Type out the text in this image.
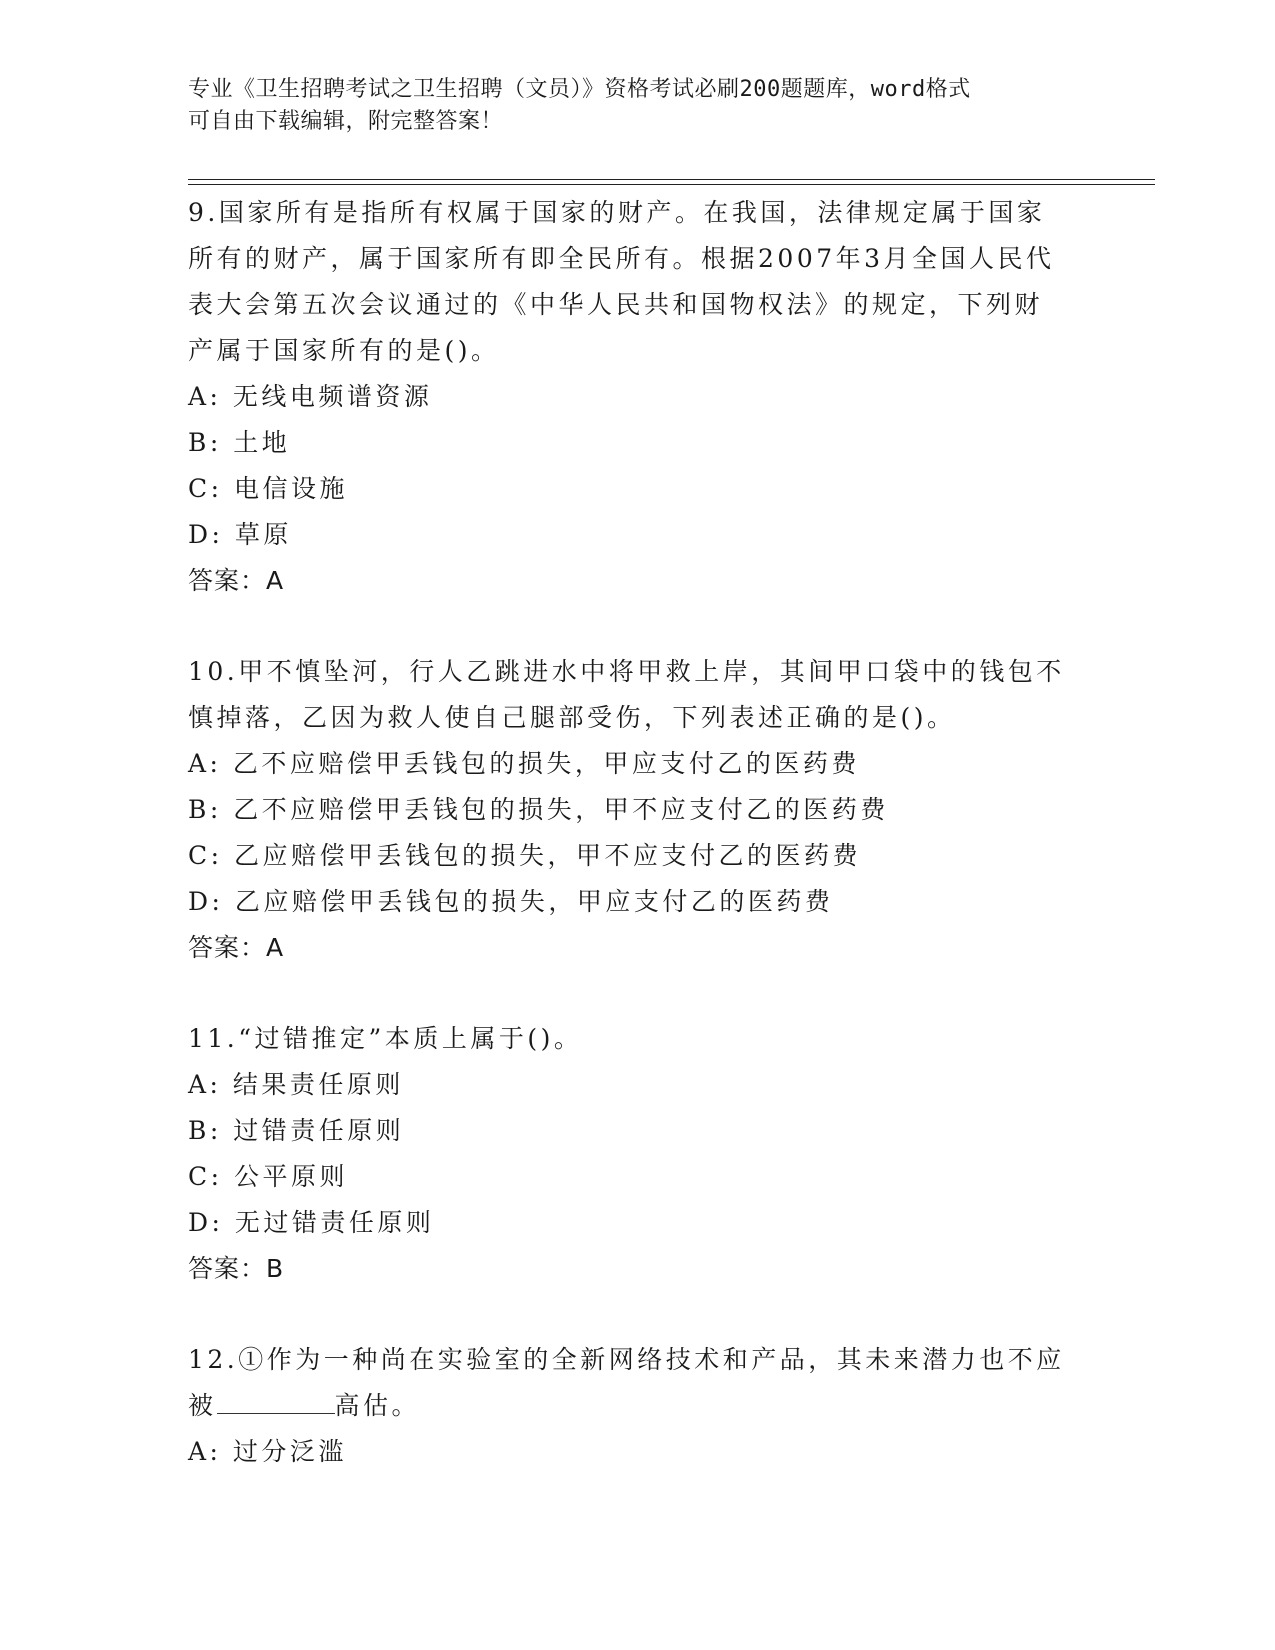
专业《卫生招聘考试之卫生招聘（文员）》资格考试必刷200题题库，word格式
可自由下载编辑，附完整答案！
9.国家所有是指所有权属于国家的财产。在我国，法律规定属于国家
所有的财产，属于国家所有即全民所有。根据2007年3月全国人民代
表大会第五次会议通过的《中华人民共和国物权法》的规定，下列财
产属于国家所有的是()。
A: 无线电频谱资源
B: 土地
C: 电信设施
D: 草原
答案：A
10.甲不慎坠河，行人乙跳进水中将甲救上岸，其间甲口袋中的钱包不
慎掉落，乙因为救人使自己腿部受伤，下列表述正确的是()。
A: 乙不应赔偿甲丢钱包的损失，甲应支付乙的医药费
B: 乙不应赔偿甲丢钱包的损失，甲不应支付乙的医药费
C: 乙应赔偿甲丢钱包的损失，甲不应支付乙的医药费
D: 乙应赔偿甲丢钱包的损失，甲应支付乙的医药费
答案：A
11.“过错推定”本质上属于()。
A: 结果责任原则
B: 过错责任原则
C: 公平原则
D: 无过错责任原则
答案：B
12.①作为一种尚在实验室的全新网络技术和产品，其未来潜力也不应
被	高估。
A: 过分泛滥
